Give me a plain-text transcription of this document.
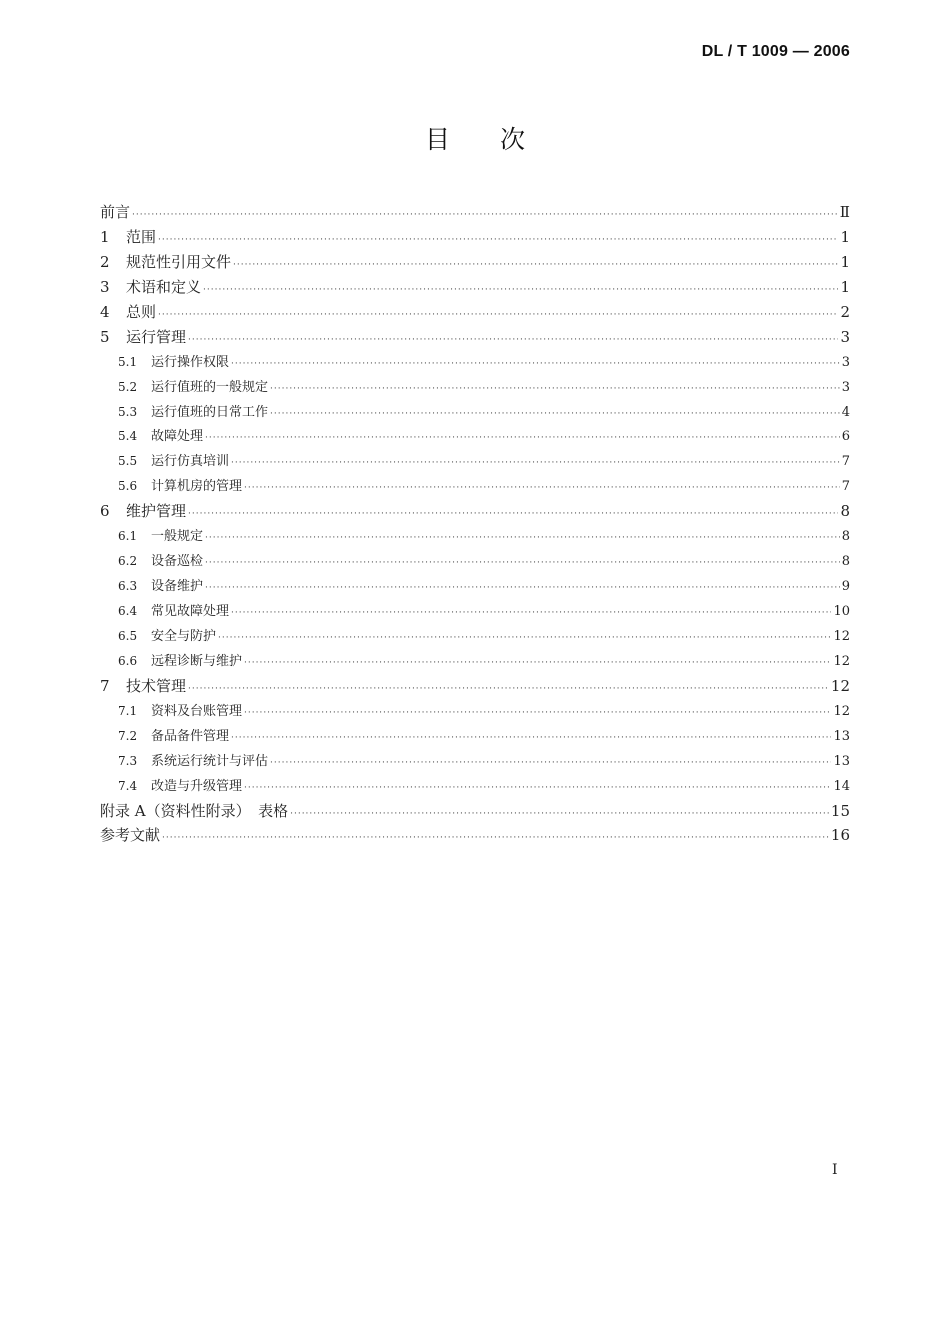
DL / T 1009 — 2006
目 次
前言 ·····	Ⅱ
1	范围 ·····	1
2	规范性引用文件 ·····	1
3	术语和定义 ·····	1
4	总则 ·····	2
5	运行管理 ·····	3
5.1	运行操作权限 ·····	3
5.2	运行值班的一般规定 ·····	3
5.3	运行值班的日常工作 ·····	4
5.4	故障处理 ·····	6
5.5	运行仿真培训 ·····	7
5.6	计算机房的管理 ·····	7
6	维护管理 ·····	8
6.1	一般规定 ·····	8
6.2	设备巡检 ·····	8
6.3	设备维护 ·····	9
6.4	常见故障处理 ·····	10
6.5	安全与防护 ·····	12
6.6	远程诊断与维护 ·····	12
7	技术管理 ·····	12
7.1	资料及台账管理 ·····	12
7.2	备品备件管理 ·····	13
7.3	系统运行统计与评估 ·····	13
7.4	改造与升级管理 ·····	14
附录 A（资料性附录）　表格 ·····	15
参考文献 ·····	16
I
